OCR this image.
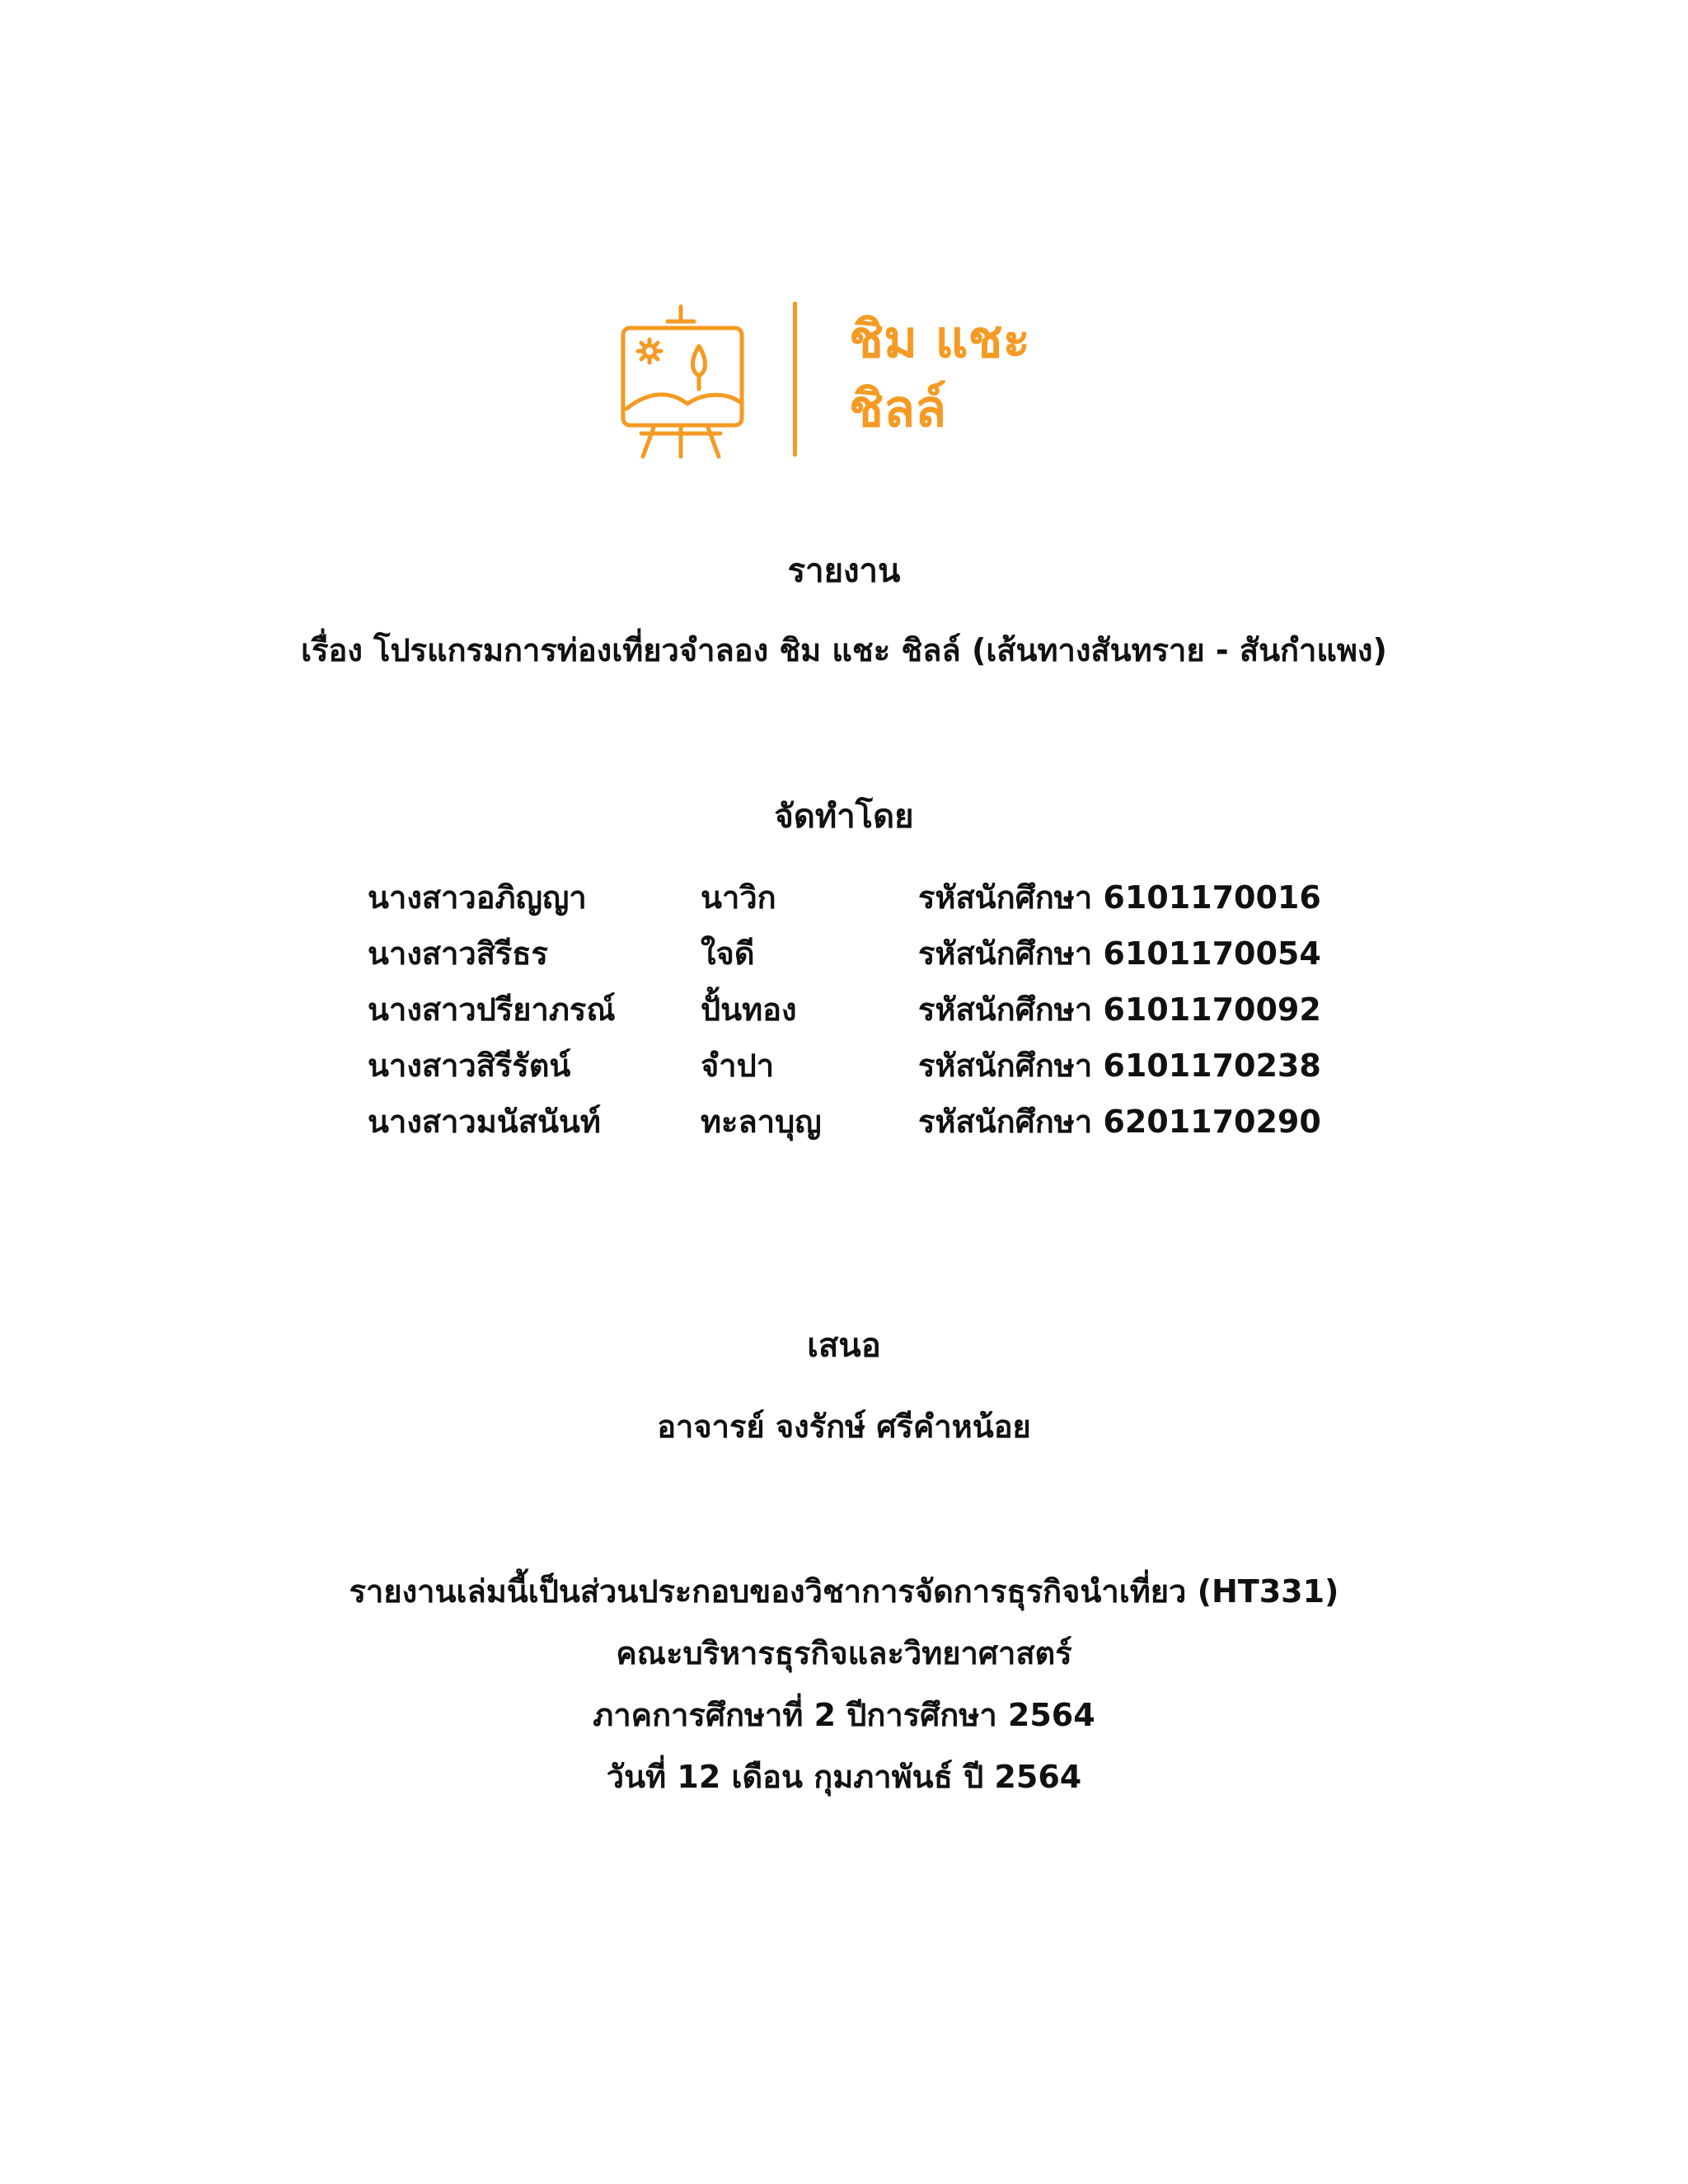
ชิม แชะ
ชิลล์
รายงาน
เรื่อง โปรแกรมการท่องเที่ยวจำลอง ชิม แชะ ชิลล์ (เส้นทางสันทราย - สันกำแพง)
จัดทำโดย
นางสาวอภิญญา	นาวิก	รหัสนักศึกษา 6101170016
นางสาวสิรีธร	ใจดี	รหัสนักศึกษา 6101170054
นางสาวปรียาภรณ์	ปั้นทอง	รหัสนักศึกษา 6101170092
นางสาวสิรีรัตน์	จำปา	รหัสนักศึกษา 6101170238
นางสาวมนัสนันท์	ทะลาบุญ	รหัสนักศึกษา 6201170290
เสนอ
อาจารย์ จงรักษ์ ศรีคำหน้อย
รายงานเล่มนี้เป็นส่วนประกอบของวิชาการจัดการธุรกิจนำเที่ยว (HT331)
คณะบริหารธุรกิจและวิทยาศาสตร์
ภาคการศึกษาที่ 2 ปีการศึกษา 2564
วันที่ 12 เดือน กุมภาพันธ์ ปี 2564
